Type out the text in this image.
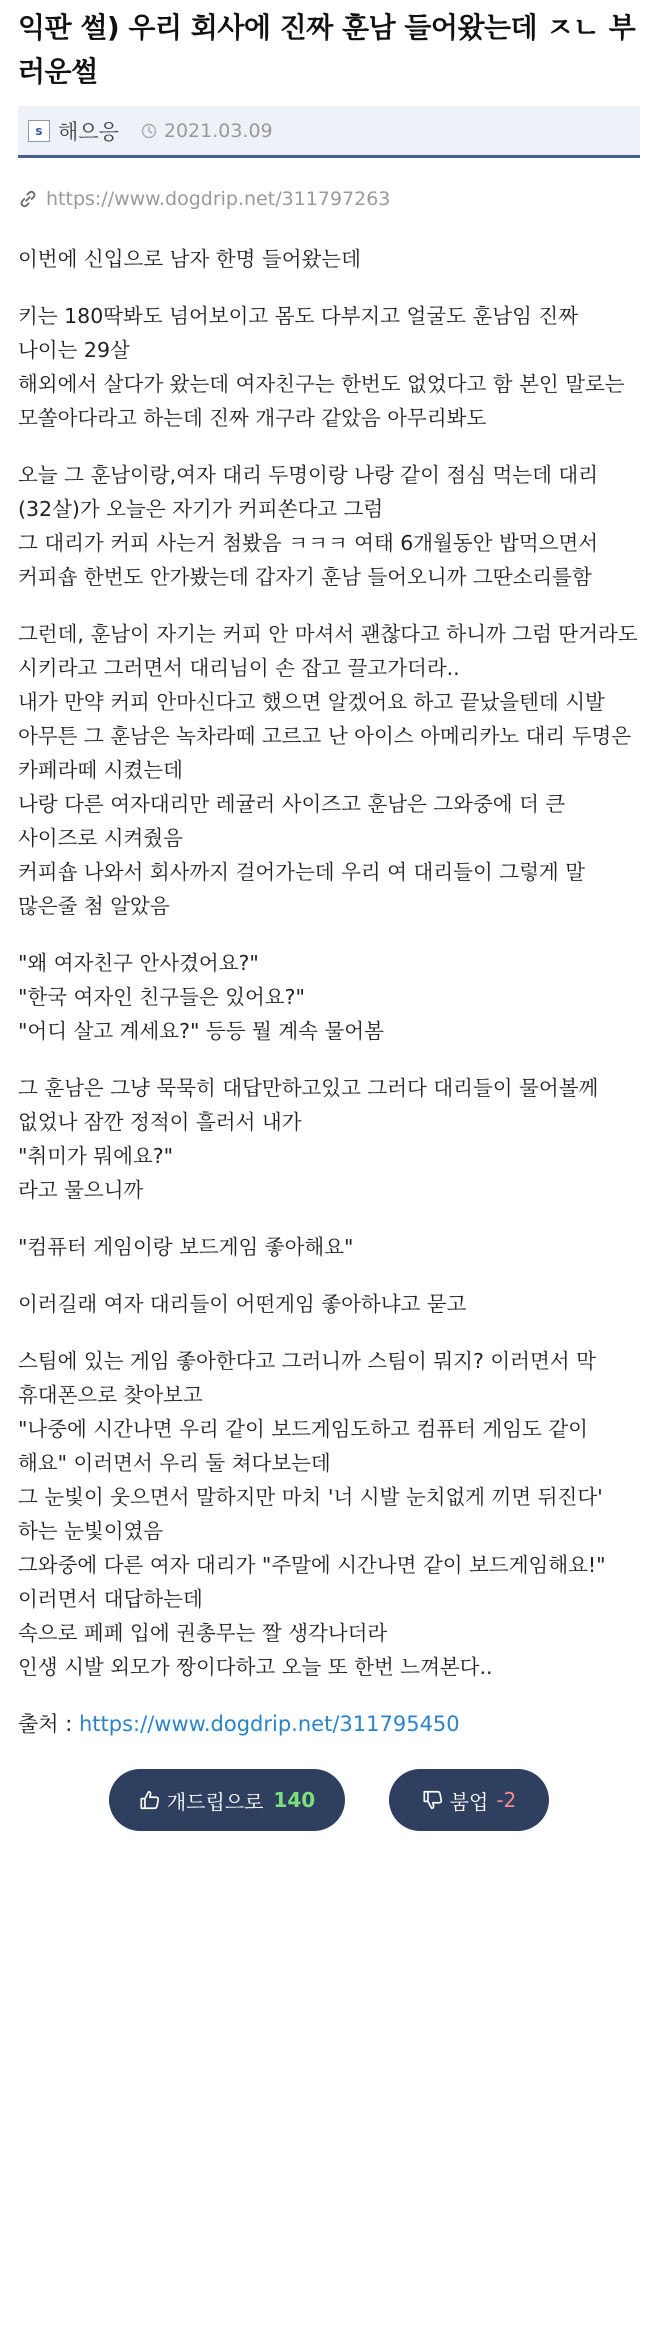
익판 썰) 우리 회사에 진짜 훈남 들어왔는데 ㅈㄴ 부러운썰
s 해으응 2021.03.09
https://www.dogdrip.net/311797263

이번에 신입으로 남자 한명 들어왔는데

키는 180딱봐도 넘어보이고 몸도 다부지고 얼굴도 훈남임 진짜
나이는 29살
해외에서 살다가 왔는데 여자친구는 한번도 없었다고 함 본인 말로는 모쏠아다라고 하는데 진짜 개구라 같았음 아무리봐도

오늘 그 훈남이랑,여자 대리 두명이랑 나랑 같이 점심 먹는데 대리(32살)가 오늘은 자기가 커피쏜다고 그럼
그 대리가 커피 사는거 첨봤음 ㅋㅋㅋ 여태 6개월동안 밥먹으면서 커피숍 한번도 안가봤는데 갑자기 훈남 들어오니까 그딴소리를함

그런데, 훈남이 자기는 커피 안 마셔서 괜찮다고 하니까 그럼 딴거라도 시키라고 그러면서 대리님이 손 잡고 끌고가더라..
내가 만약 커피 안마신다고 했으면 알겠어요 하고 끝났을텐데 시발
아무튼 그 훈남은 녹차라떼 고르고 난 아이스 아메리카노 대리 두명은 카페라떼 시켰는데
나랑 다른 여자대리만 레귤러 사이즈고 훈남은 그와중에 더 큰 사이즈로 시켜줬음
커피숍 나와서 회사까지 걸어가는데 우리 여 대리들이 그렇게 말 많은줄 첨 알았음

"왜 여자친구 안사겼어요?"
"한국 여자인 친구들은 있어요?"
"어디 살고 계세요?" 등등 뭘 계속 물어봄

그 훈남은 그냥 묵묵히 대답만하고있고 그러다 대리들이 물어볼께 없었나 잠깐 정적이 흘러서 내가
"취미가 뭐에요?"
라고 물으니까

"컴퓨터 게임이랑 보드게임 좋아해요"

이러길래 여자 대리들이 어떤게임 좋아하냐고 묻고

스팀에 있는 게임 좋아한다고 그러니까 스팀이 뭐지? 이러면서 막 휴대폰으로 찾아보고
"나중에 시간나면 우리 같이 보드게임도하고 컴퓨터 게임도 같이 해요" 이러면서 우리 둘 쳐다보는데
그 눈빛이 웃으면서 말하지만 마치 '너 시발 눈치없게 끼면 뒤진다' 하는 눈빛이였음
그와중에 다른 여자 대리가 "주말에 시간나면 같이 보드게임해요!" 이러면서 대답하는데
속으로 페페 입에 권총무는 짤 생각나더라
인생 시발 외모가 짱이다하고 오늘 또 한번 느껴본다..

출처 : https://www.dogdrip.net/311795450
개드립으로 140	붐업 -2
